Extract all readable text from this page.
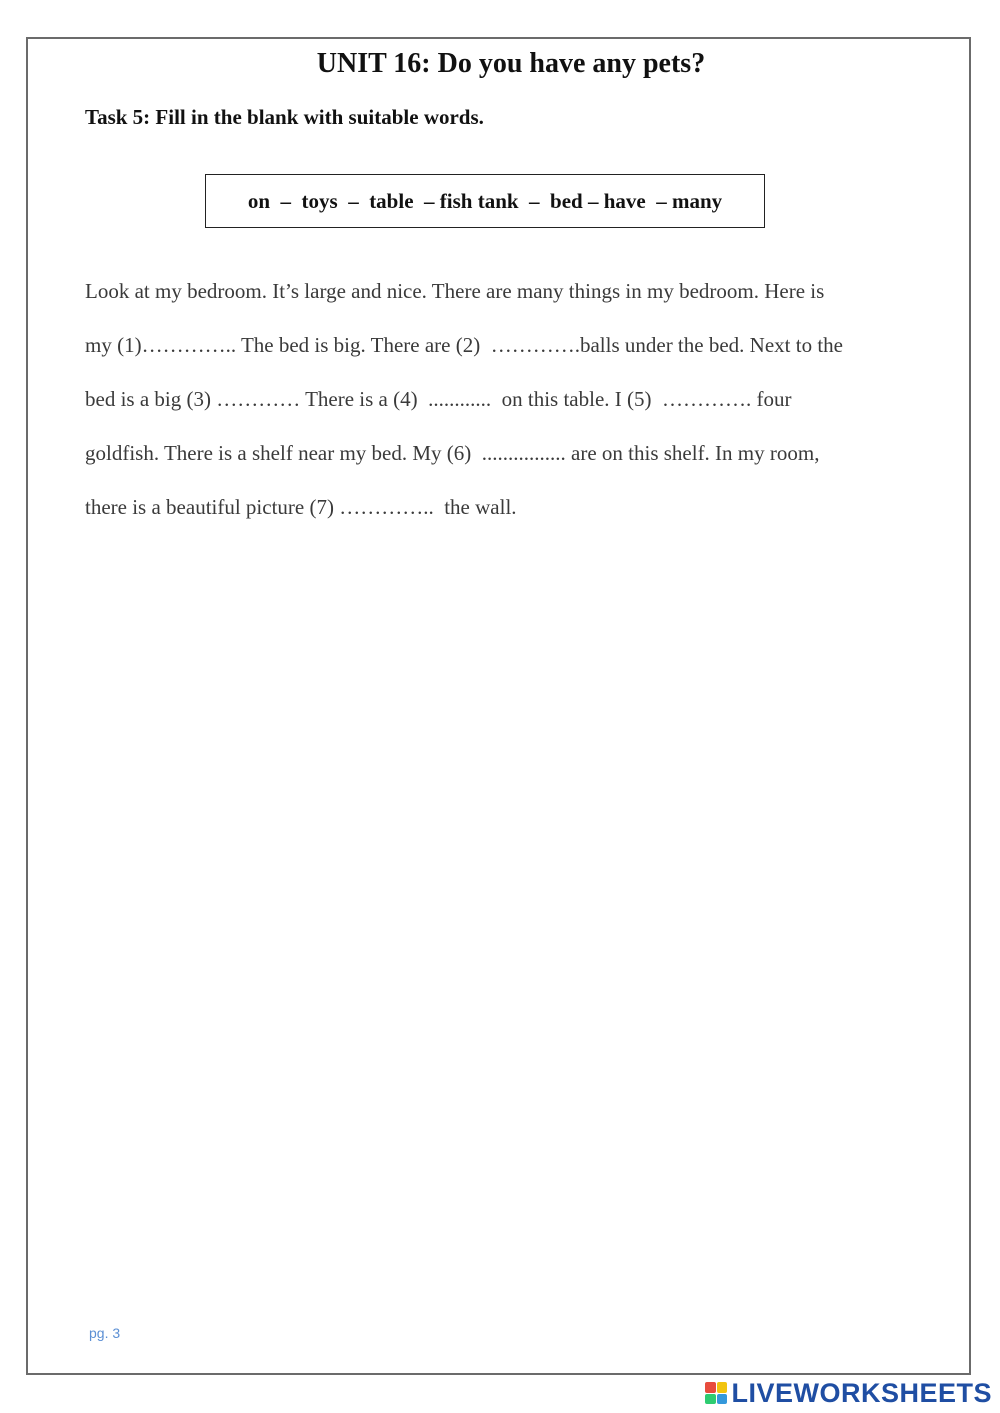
UNIT 16: Do you have any pets?
Task 5: Fill in the blank with suitable words.
on  –  toys  –  table  – fish tank  –  bed – have  – many
Look at my bedroom. It’s large and nice. There are many things in my bedroom. Here is
my (1)………….. The bed is big. There are (2)  ………….balls under the bed. Next to the
bed is a big (3) ………… There is a (4)  ............  on this table. I (5)  …………. four
goldfish. There is a shelf near my bed. My (6)  ................ are on this shelf. In my room,
there is a beautiful picture (7) …………..  the wall.
pg. 3
LIVEWORKSHEETS
